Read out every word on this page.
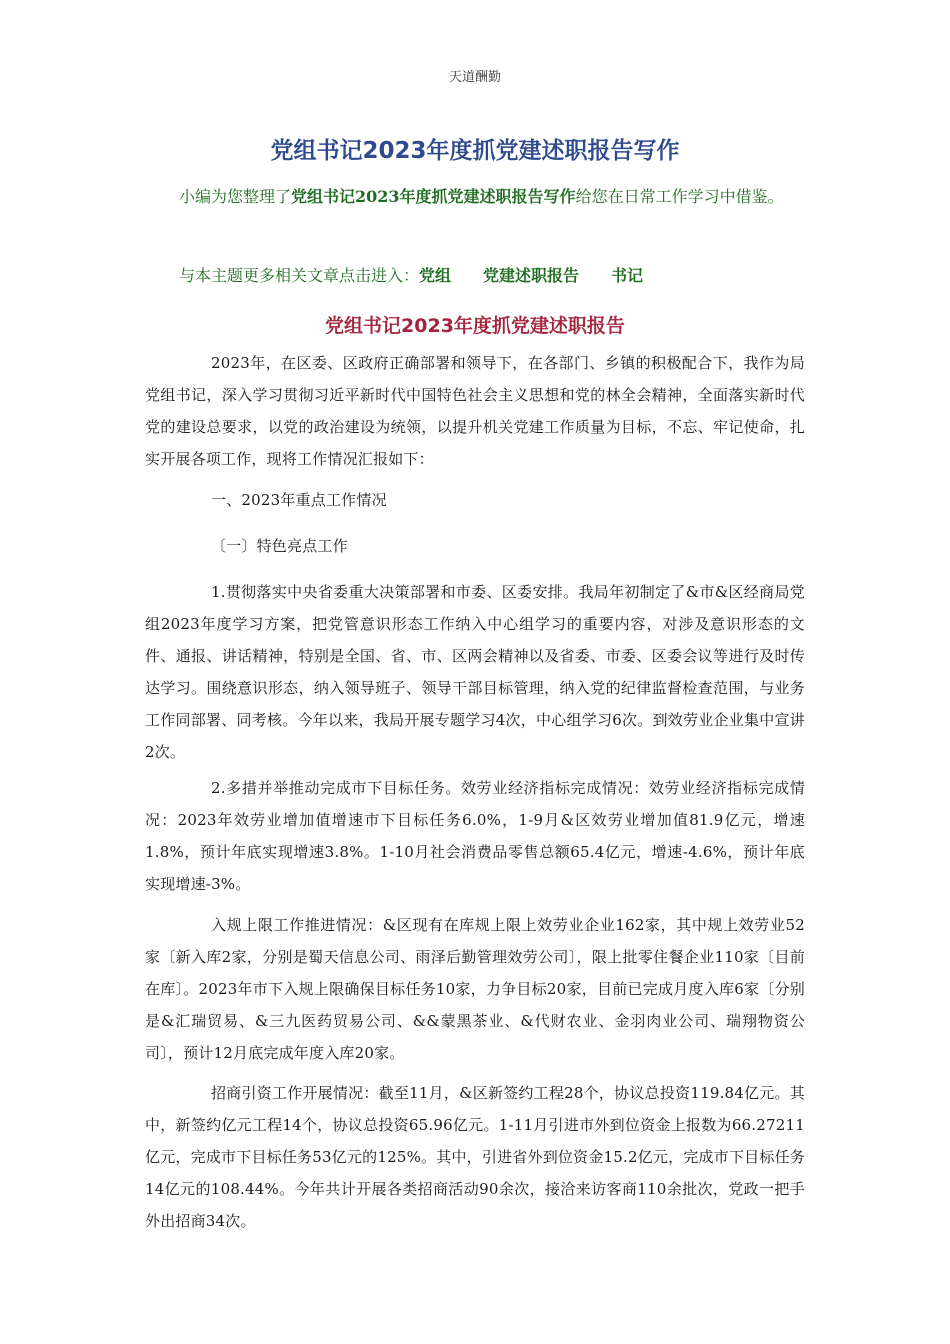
天道酬勤
党组书记2023年度抓党建述职报告写作
小编为您整理了党组书记2023年度抓党建述职报告写作给您在日常工作学习中借鉴。
与本主题更多相关文章点击进入：党组 党建述职报告 书记
党组书记2023年度抓党建述职报告

2023年，在区委、区政府正确部署和领导下，在各部门、乡镇的积极配合下，我作为局党组书记，深入学习贯彻习近平新时代中国特色社会主义思想和党的林全会精神，全面落实新时代党的建设总要求，以党的政治建设为统领，以提升机关党建工作质量为目标，不忘、牢记使命，扎实开展各项工作，现将工作情况汇报如下：

一、2023年重点工作情况

〔一〕特色亮点工作

1.贯彻落实中央省委重大决策部署和市委、区委安排。我局年初制定了&市&区经商局党组2023年度学习方案，把党管意识形态工作纳入中心组学习的重要内容，对涉及意识形态的文件、通报、讲话精神，特别是全国、省、市、区两会精神以及省委、市委、区委会议等进行及时传达学习。围绕意识形态，纳入领导班子、领导干部目标管理，纳入党的纪律监督检查范围，与业务工作同部署、同考核。今年以来，我局开展专题学习4次，中心组学习6次。到效劳业企业集中宣讲2次。

2.多措并举推动完成市下目标任务。效劳业经济指标完成情况：效劳业经济指标完成情况：2023年效劳业增加值增速市下目标任务6.0%，1-9月&区效劳业增加值81.9亿元，增速1.8%，预计年底实现增速3.8%。1-10月社会消费品零售总额65.4亿元，增速-4.6%，预计年底实现增速-3%。

入规上限工作推进情况：&区现有在库规上限上效劳业企业162家，其中规上效劳业52家〔新入库2家，分别是蜀天信息公司、雨泽后勤管理效劳公司〕，限上批零住餐企业110家〔目前在库〕。2023年市下入规上限确保目标任务10家，力争目标20家，目前已完成月度入库6家〔分别是&汇瑞贸易、&三九医药贸易公司、&&蒙黑茶业、&代财农业、金羽肉业公司、瑞翔物资公司〕，预计12月底完成年度入库20家。

招商引资工作开展情况：截至11月，&区新签约工程28个，协议总投资119.84亿元。其中，新签约亿元工程14个，协议总投资65.96亿元。1-11月引进市外到位资金上报数为66.27211亿元，完成市下目标任务53亿元的125%。其中，引进省外到位资金15.2亿元，完成市下目标任务14亿元的108.44%。今年共计开展各类招商活动90余次，接洽来访客商110余批次，党政一把手外出招商34次。
